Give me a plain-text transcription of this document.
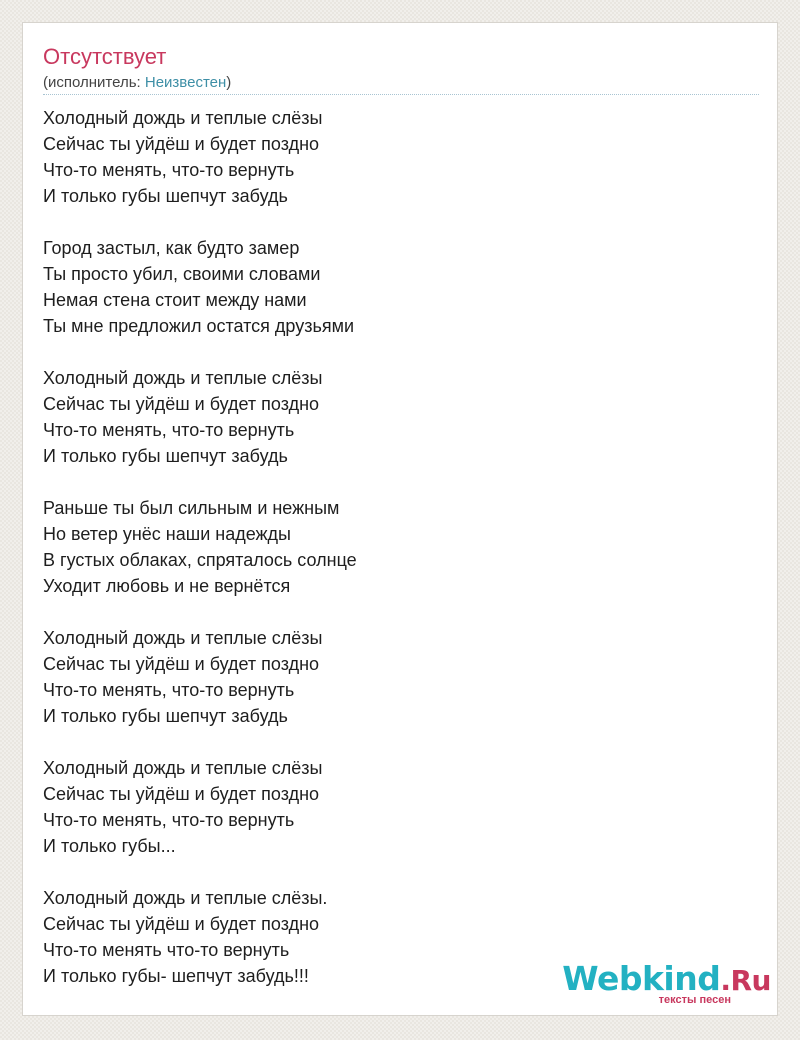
Отсутствует
(исполнитель: Неизвестен)
Холодный дождь и теплые слёзы
Сейчас ты уйдёш и будет поздно
Что-то менять, что-то вернуть
И только губы шепчут забудь
Город застыл, как будто замер
Ты просто убил, своими словами
Немая стена стоит между нами
Ты мне предложил остатся друзьями
Холодный дождь и теплые слёзы
Сейчас ты уйдёш и будет поздно
Что-то менять, что-то вернуть
И только губы шепчут забудь
Раньше ты был сильным и нежным
Но ветер унёс наши надежды
В густых облаках, спряталось солнце
Уходит любовь и не вернётся
Холодный дождь и теплые слёзы
Сейчас ты уйдёш и будет поздно
Что-то менять, что-то вернуть
И только губы шепчут забудь
Холодный дождь и теплые слёзы
Сейчас ты уйдёш и будет поздно
Что-то менять, что-то вернуть
И только губы...
Холодный дождь и теплые слёзы.
Сейчас ты уйдёш и будет поздно
Что-то менять что-то вернуть
И только губы- шепчут забудь!!!	Webkind.Ru
тексты песен
